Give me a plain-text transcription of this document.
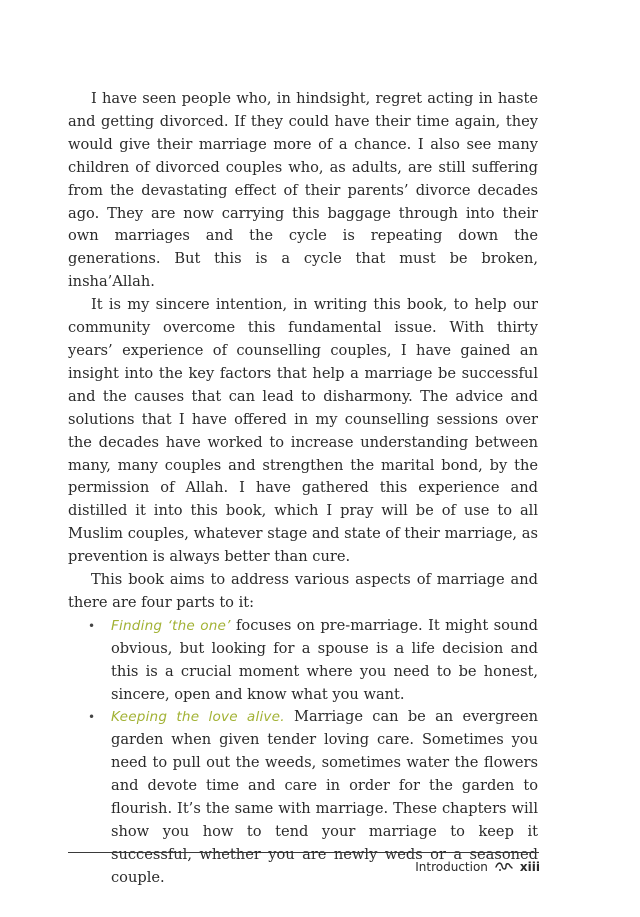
I have seen people who, in hindsight, regret acting in haste and getting divorced. If they could have their time again, they would give their marriage more of a chance. I also see many children of divorced couples who, as adults, are still suffering from the devastating effect of their parents’ divorce decades ago. They are now carrying this baggage through into their own marriages and the cycle is repeating down the generations. But this is a cycle that must be broken, insha’Allah.

It is my sincere intention, in writing this book, to help our community overcome this fundamental issue. With thirty years’ experience of counselling couples, I have gained an insight into the key factors that help a marriage be successful and the causes that can lead to disharmony. The advice and solutions that I have offered in my counselling sessions over the decades have worked to increase understanding between many, many couples and strengthen the marital bond, by the permission of Allah. I have gathered this experience and distilled it into this book, which I pray will be of use to all Muslim couples, whatever stage and state of their marriage, as prevention is always better than cure.

This book aims to address various aspects of marriage and there are four parts to it:

• Finding ‘the one’ focuses on pre-marriage. It might sound obvious, but looking for a spouse is a life decision and this is a crucial moment where you need to be honest, sincere, open and know what you want.
• Keeping the love alive. Marriage can be an evergreen garden when given tender loving care. Sometimes you need to pull out the weeds, sometimes water the flowers and devote time and care in order for the garden to flourish. It’s the same with marriage. These chapters will show you how to tend your marriage to keep it successful, whether you are newly weds or a seasoned couple.
Introduction	xiii
